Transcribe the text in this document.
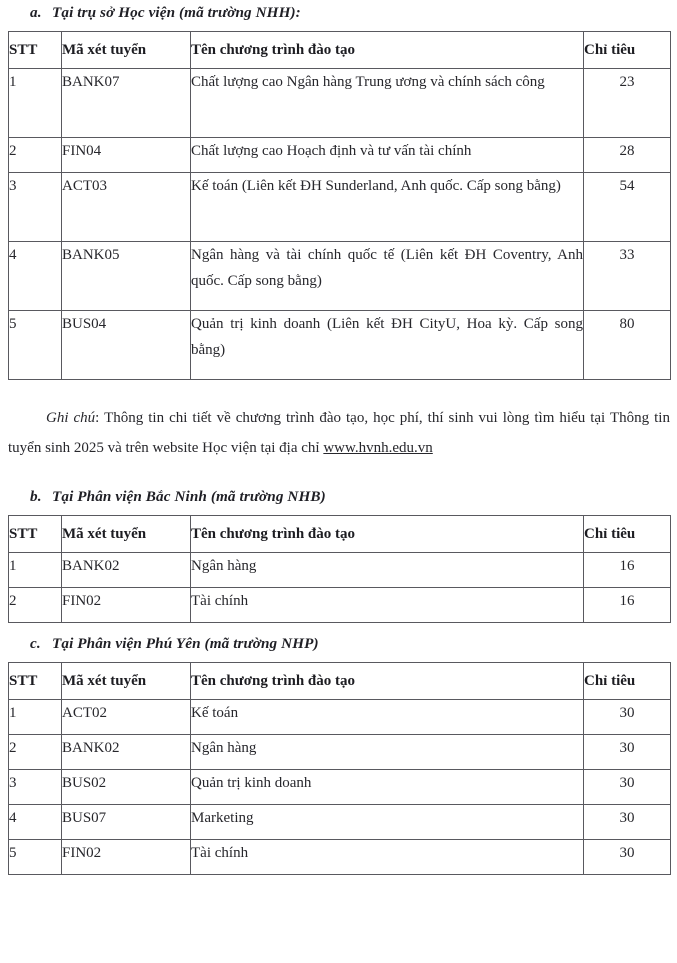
a. Tại trụ sở Học viện (mã trường NHH):
STT	Mã xét tuyển	Tên chương trình đào tạo	Chỉ tiêu
1	BANK07	Chất lượng cao Ngân hàng Trung ương và chính sách công	23
2	FIN04	Chất lượng cao Hoạch định và tư vấn tài chính	28
3	ACT03	Kế toán (Liên kết ĐH Sunderland, Anh quốc. Cấp song bằng)	54
4	BANK05	Ngân hàng và tài chính quốc tế (Liên kết ĐH Coventry, Anh quốc. Cấp song bằng)	33
5	BUS04	Quản trị kinh doanh (Liên kết ĐH CityU, Hoa kỳ. Cấp song bằng)	80

Ghi chú: Thông tin chi tiết về chương trình đào tạo, học phí, thí sinh vui lòng tìm hiểu tại Thông tin tuyển sinh 2025 và trên website Học viện tại địa chỉ www.hvnh.edu.vn

b. Tại Phân viện Bắc Ninh (mã trường NHB)
STT	Mã xét tuyển	Tên chương trình đào tạo	Chỉ tiêu
1	BANK02	Ngân hàng	16
2	FIN02	Tài chính	16
c. Tại Phân viện Phú Yên (mã trường NHP)
STT	Mã xét tuyển	Tên chương trình đào tạo	Chỉ tiêu
1	ACT02	Kế toán	30
2	BANK02	Ngân hàng	30
3	BUS02	Quản trị kinh doanh	30
4	BUS07	Marketing	30
5	FIN02	Tài chính	30
